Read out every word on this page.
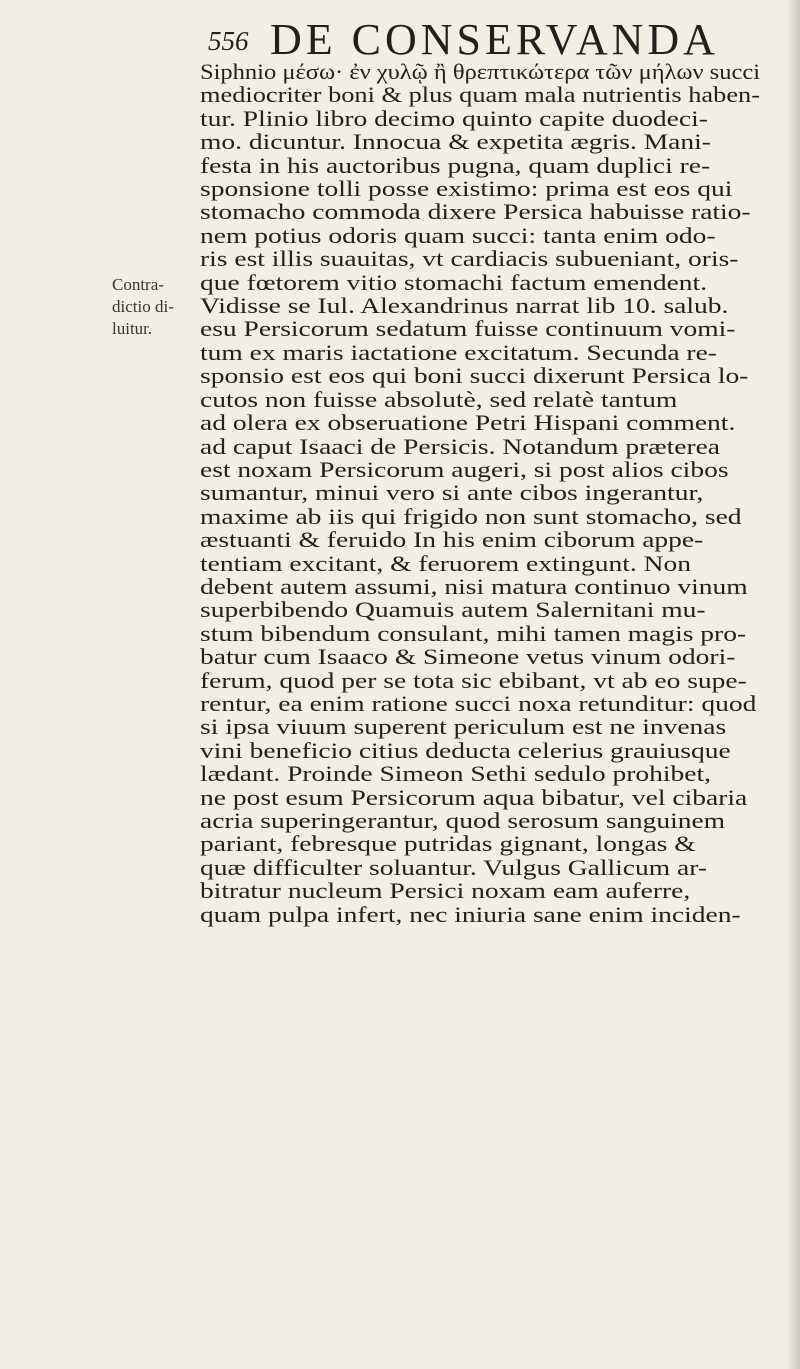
556 DE CONSERVANDA
Contra-
dictio di-
luitur.
Siphnio μέσω· ἐν χυλῷ ἢ θρεπτικώτερα τῶν μήλων succi
mediocriter boni & plus quam mala nutrientis haben-
tur. Plinio libro decimo quinto capite duodeci-
mo. dicuntur. Innocua & expetita ægris. Mani-
festa in his auctoribus pugna, quam duplici re-
sponsione tolli posse existimo: prima est eos qui
stomacho commoda dixere Persica habuisse ratio-
nem potius odoris quam succi: tanta enim odo-
ris est illis suauitas, vt cardiacis subueniant, oris-
que fœtorem vitio stomachi factum emendent.
Vidisse se Iul. Alexandrinus narrat lib 10. salub.
esu Persicorum sedatum fuisse continuum vomi-
tum ex maris iactatione excitatum. Secunda re-
sponsio est eos qui boni succi dixerunt Persica lo-
cutos non fuisse absolutè, sed relatè tantum
ad olera ex obseruatione Petri Hispani comment.
ad caput Isaaci de Persicis. Notandum præterea
est noxam Persicorum augeri, si post alios cibos
sumantur, minui vero si ante cibos ingerantur,
maxime ab iis qui frigido non sunt stomacho, sed
æstuanti & feruido In his enim ciborum appe-
tentiam excitant, & feruorem extingunt. Non
debent autem assumi, nisi matura continuo vinum
superbibendo Quamuis autem Salernitani mu-
stum bibendum consulant, mihi tamen magis pro-
batur cum Isaaco & Simeone vetus vinum odori-
ferum, quod per se tota sic ebibant, vt ab eo supe-
rentur, ea enim ratione succi noxa retunditur: quod
si ipsa viuum superent periculum est ne invenas
vini beneficio citius deducta celerius grauiusque
lædant. Proinde Simeon Sethi sedulo prohibet,
ne post esum Persicorum aqua bibatur, vel cibaria
acria superingerantur, quod serosum sanguinem
pariant, febresque putridas gignant, longas &
quæ difficulter soluantur. Vulgus Gallicum ar-
bitratur nucleum Persici noxam eam auferre,
quam pulpa infert, nec iniuria sane enim inciden-
